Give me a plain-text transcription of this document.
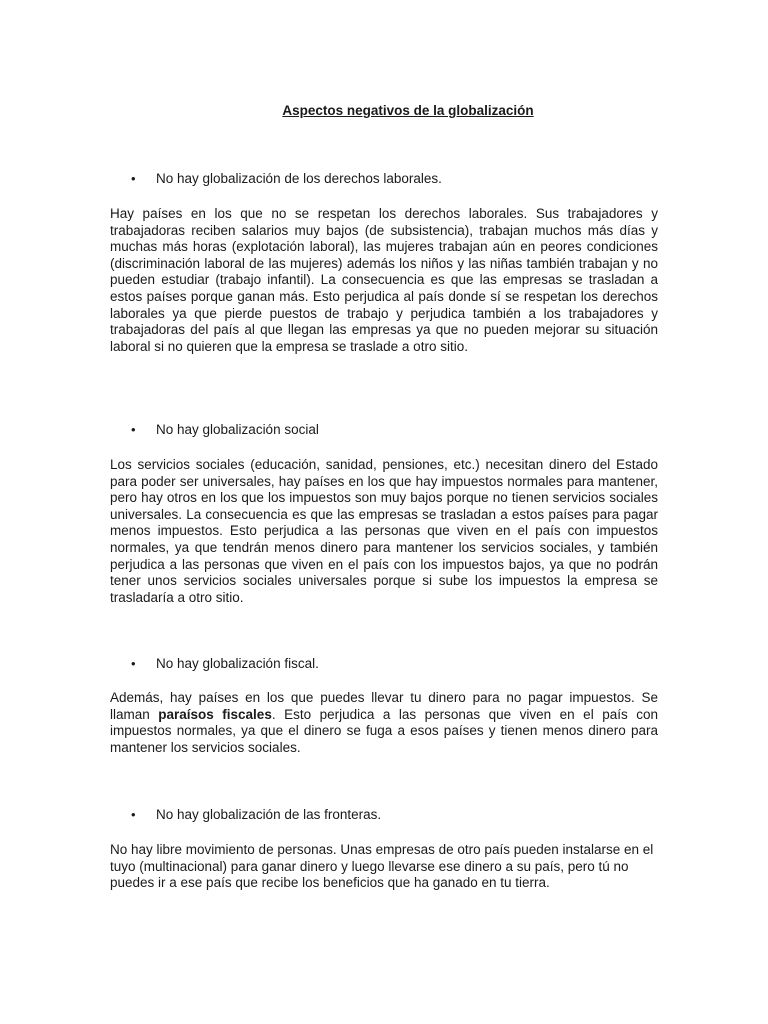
Aspectos negativos de la globalización
• No hay globalización de los derechos laborales.
Hay países en los que no se respetan los derechos laborales. Sus trabajadores y trabajadoras reciben salarios muy bajos (de subsistencia), trabajan muchos más días y muchas más horas (explotación laboral), las mujeres trabajan aún en peores condiciones (discriminación laboral de las mujeres) además los niños y las niñas también trabajan y no pueden estudiar (trabajo infantil). La consecuencia es que las empresas se trasladan a estos países porque ganan más. Esto perjudica al país donde sí se respetan los derechos laborales ya que pierde puestos de trabajo y perjudica también a los trabajadores y trabajadoras del país al que llegan las empresas ya que no pueden mejorar su situación laboral si no quieren que la empresa se traslade a otro sitio.
• No hay globalización social
Los servicios sociales (educación, sanidad, pensiones, etc.) necesitan dinero del Estado para poder ser universales, hay países en los que hay impuestos normales para mantener, pero hay otros en los que los impuestos son muy bajos porque no tienen servicios sociales universales. La consecuencia es que las empresas se trasladan a estos países para pagar menos impuestos. Esto perjudica a las personas que viven en el país con impuestos normales, ya que tendrán menos dinero para mantener los servicios sociales, y también perjudica a las personas que viven en el país con los impuestos bajos, ya que no podrán tener unos servicios sociales universales porque si sube los impuestos la empresa se trasladaría a otro sitio.
• No hay globalización fiscal.
Además, hay países en los que puedes llevar tu dinero para no pagar impuestos. Se llaman paraísos fiscales. Esto perjudica a las personas que viven en el país con impuestos normales, ya que el dinero se fuga a esos países y tienen menos dinero para mantener los servicios sociales.
• No hay globalización de las fronteras.
No hay libre movimiento de personas. Unas empresas de otro país pueden instalarse en el tuyo (multinacional) para ganar dinero y luego llevarse ese dinero a su país, pero tú no puedes ir a ese país que recibe los beneficios que ha ganado en tu tierra.
